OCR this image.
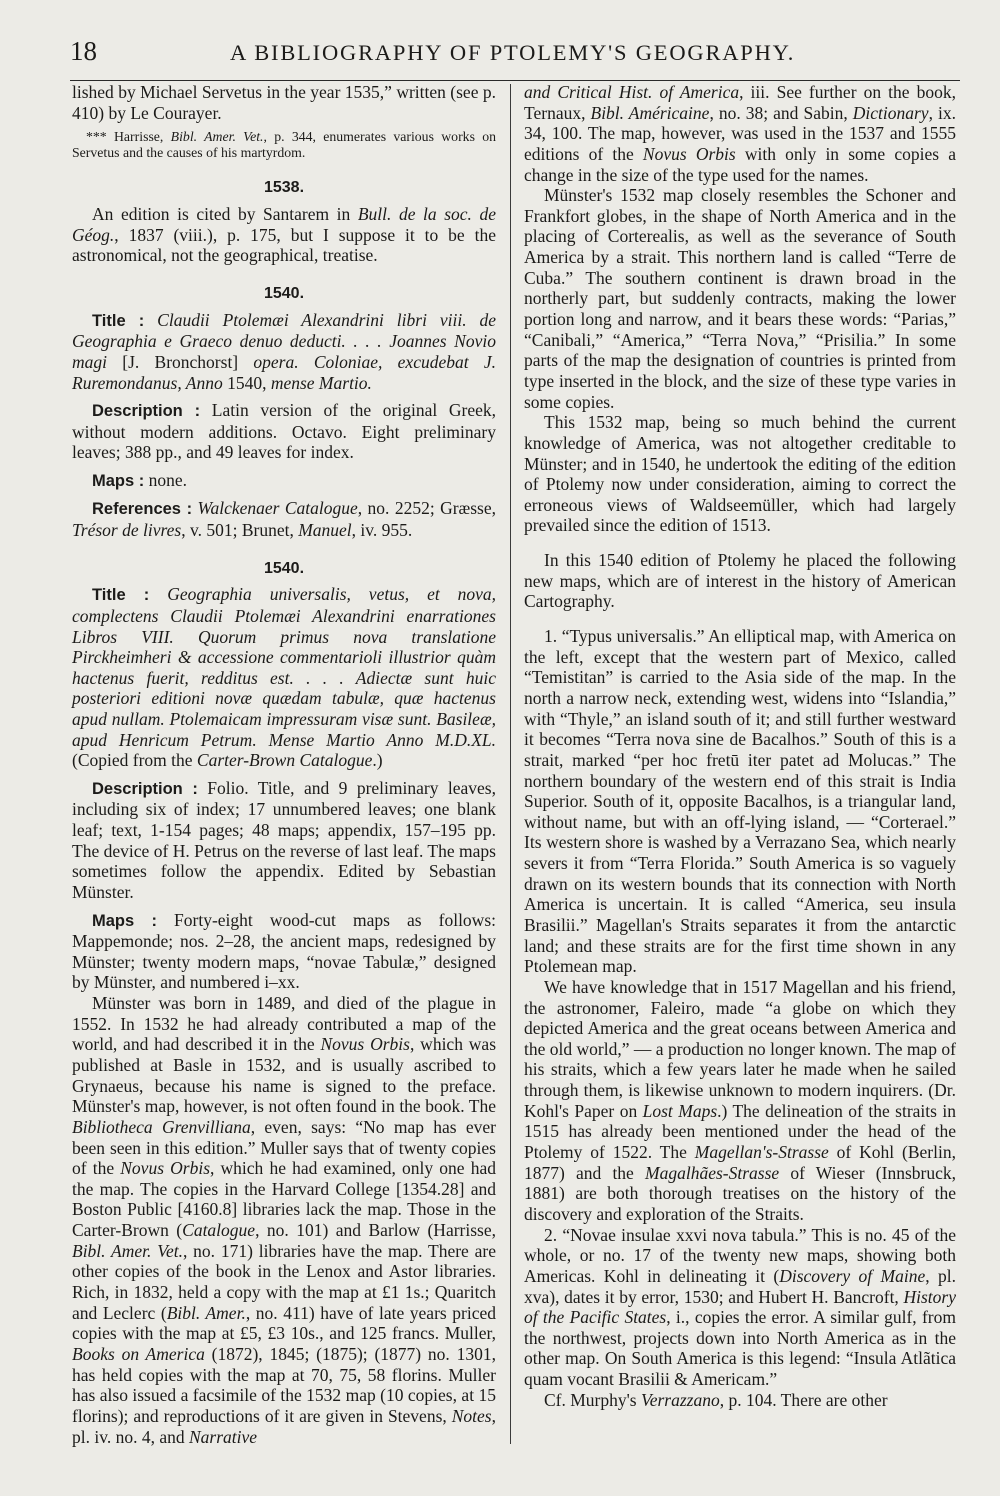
18	A BIBLIOGRAPHY OF PTOLEMY'S GEOGRAPHY.

lished by Michael Servetus in the year 1535,” written (see p. 410) by Le Courayer.

*** Harrisse, Bibl. Amer. Vet., p. 344, enumerates various works on Servetus and the causes of his martyrdom.

1538.

An edition is cited by Santarem in Bull. de la soc. de Géog., 1837 (viii.), p. 175, but I suppose it to be the astronomical, not the geographical, treatise.

1540.

Title : Claudii Ptolemæi Alexandrini libri viii. de Geographia e Graeco denuo deducti. . . . Joannes Novio magi [J. Bronchorst] opera. Coloniae, excudebat J. Ruremondanus, Anno 1540, mense Martio.

Description : Latin version of the original Greek, without modern additions. Octavo. Eight preliminary leaves; 388 pp., and 49 leaves for index.

Maps : none.

References : Walckenaer Catalogue, no. 2252; Græsse, Trésor de livres, v. 501; Brunet, Manuel, iv. 955.

1540.

Title : Geographia universalis, vetus, et nova, complectens Claudii Ptolemæi Alexandrini enarrationes Libros VIII. Quorum primus nova translatione Pirckheimheri & accessione commentarioli illustrior quàm hactenus fuerit, redditus est. . . . Adiectæ sunt huic posteriori editioni novæ quædam tabulæ, quæ hactenus apud nullam. Ptolemaicam impressuram visæ sunt. Basileæ, apud Henricum Petrum. Mense Martio Anno M.D.XL. (Copied from the Carter-Brown Catalogue.)

Description : Folio. Title, and 9 preliminary leaves, including six of index; 17 unnumbered leaves; one blank leaf; text, 1-154 pages; 48 maps; appendix, 157–195 pp. The device of H. Petrus on the reverse of last leaf. The maps sometimes follow the appendix. Edited by Sebastian Münster.

Maps : Forty-eight wood-cut maps as follows: Mappemonde; nos. 2–28, the ancient maps, redesigned by Münster; twenty modern maps, “novae Tabulæ,” designed by Münster, and numbered i–xx.

Münster was born in 1489, and died of the plague in 1552. In 1532 he had already contributed a map of the world, and had described it in the Novus Orbis, which was published at Basle in 1532, and is usually ascribed to Grynaeus, because his name is signed to the preface. Münster's map, however, is not often found in the book. The Bibliotheca Grenvilliana, even, says: “No map has ever been seen in this edition.” Muller says that of twenty copies of the Novus Orbis, which he had examined, only one had the map. The copies in the Harvard College [1354.28] and Boston Public [4160.8] libraries lack the map. Those in the Carter-Brown (Catalogue, no. 101) and Barlow (Harrisse, Bibl. Amer. Vet., no. 171) libraries have the map. There are other copies of the book in the Lenox and Astor libraries. Rich, in 1832, held a copy with the map at £1 1s.; Quaritch and Leclerc (Bibl. Amer., no. 411) have of late years priced copies with the map at £5, £3 10s., and 125 francs. Muller, Books on America (1872), 1845; (1875); (1877) no. 1301, has held copies with the map at 70, 75, 58 florins. Muller has also issued a facsimile of the 1532 map (10 copies, at 15 florins); and reproductions of it are given in Stevens, Notes, pl. iv. no. 4, and Narrative

and Critical Hist. of America, iii. See further on the book, Ternaux, Bibl. Américaine, no. 38; and Sabin, Dictionary, ix. 34, 100. The map, however, was used in the 1537 and 1555 editions of the Novus Orbis with only in some copies a change in the size of the type used for the names.

Münster's 1532 map closely resembles the Schoner and Frankfort globes, in the shape of North America and in the placing of Corterealis, as well as the severance of South America by a strait. This northern land is called “Terre de Cuba.” The southern continent is drawn broad in the northerly part, but suddenly contracts, making the lower portion long and narrow, and it bears these words: “Parias,” “Canibali,” “America,” “Terra Nova,” “Prisilia.” In some parts of the map the designation of countries is printed from type inserted in the block, and the size of these type varies in some copies.

This 1532 map, being so much behind the current knowledge of America, was not altogether creditable to Münster; and in 1540, he undertook the editing of the edition of Ptolemy now under consideration, aiming to correct the erroneous views of Waldseemüller, which had largely prevailed since the edition of 1513.

In this 1540 edition of Ptolemy he placed the following new maps, which are of interest in the history of American Cartography.

1. “Typus universalis.” An elliptical map, with America on the left, except that the western part of Mexico, called “Temistitan” is carried to the Asia side of the map. In the north a narrow neck, extending west, widens into “Islandia,” with “Thyle,” an island south of it; and still further westward it becomes “Terra nova sine de Bacalhos.” South of this is a strait, marked “per hoc fretū iter patet ad Molucas.” The northern boundary of the western end of this strait is India Superior. South of it, opposite Bacalhos, is a triangular land, without name, but with an off-lying island, — “Corterael.” Its western shore is washed by a Verrazano Sea, which nearly severs it from “Terra Florida.” South America is so vaguely drawn on its western bounds that its connection with North America is uncertain. It is called “America, seu insula Brasilii.” Magellan's Straits separates it from the antarctic land; and these straits are for the first time shown in any Ptolemean map.

We have knowledge that in 1517 Magellan and his friend, the astronomer, Faleiro, made “a globe on which they depicted America and the great oceans between America and the old world,” — a production no longer known. The map of his straits, which a few years later he made when he sailed through them, is likewise unknown to modern inquirers. (Dr. Kohl's Paper on Lost Maps.) The delineation of the straits in 1515 has already been mentioned under the head of the Ptolemy of 1522. The Magellan's-Strasse of Kohl (Berlin, 1877) and the Magalhães-Strasse of Wieser (Innsbruck, 1881) are both thorough treatises on the history of the discovery and exploration of the Straits.

2. “Novae insulae xxvi nova tabula.” This is no. 45 of the whole, or no. 17 of the twenty new maps, showing both Americas. Kohl in delineating it (Discovery of Maine, pl. xva), dates it by error, 1530; and Hubert H. Bancroft, History of the Pacific States, i., copies the error. A similar gulf, from the northwest, projects down into North America as in the other map. On South America is this legend: “Insula Atlãtica quam vocant Brasilii & Americam.”

Cf. Murphy's Verrazzano, p. 104. There are other
